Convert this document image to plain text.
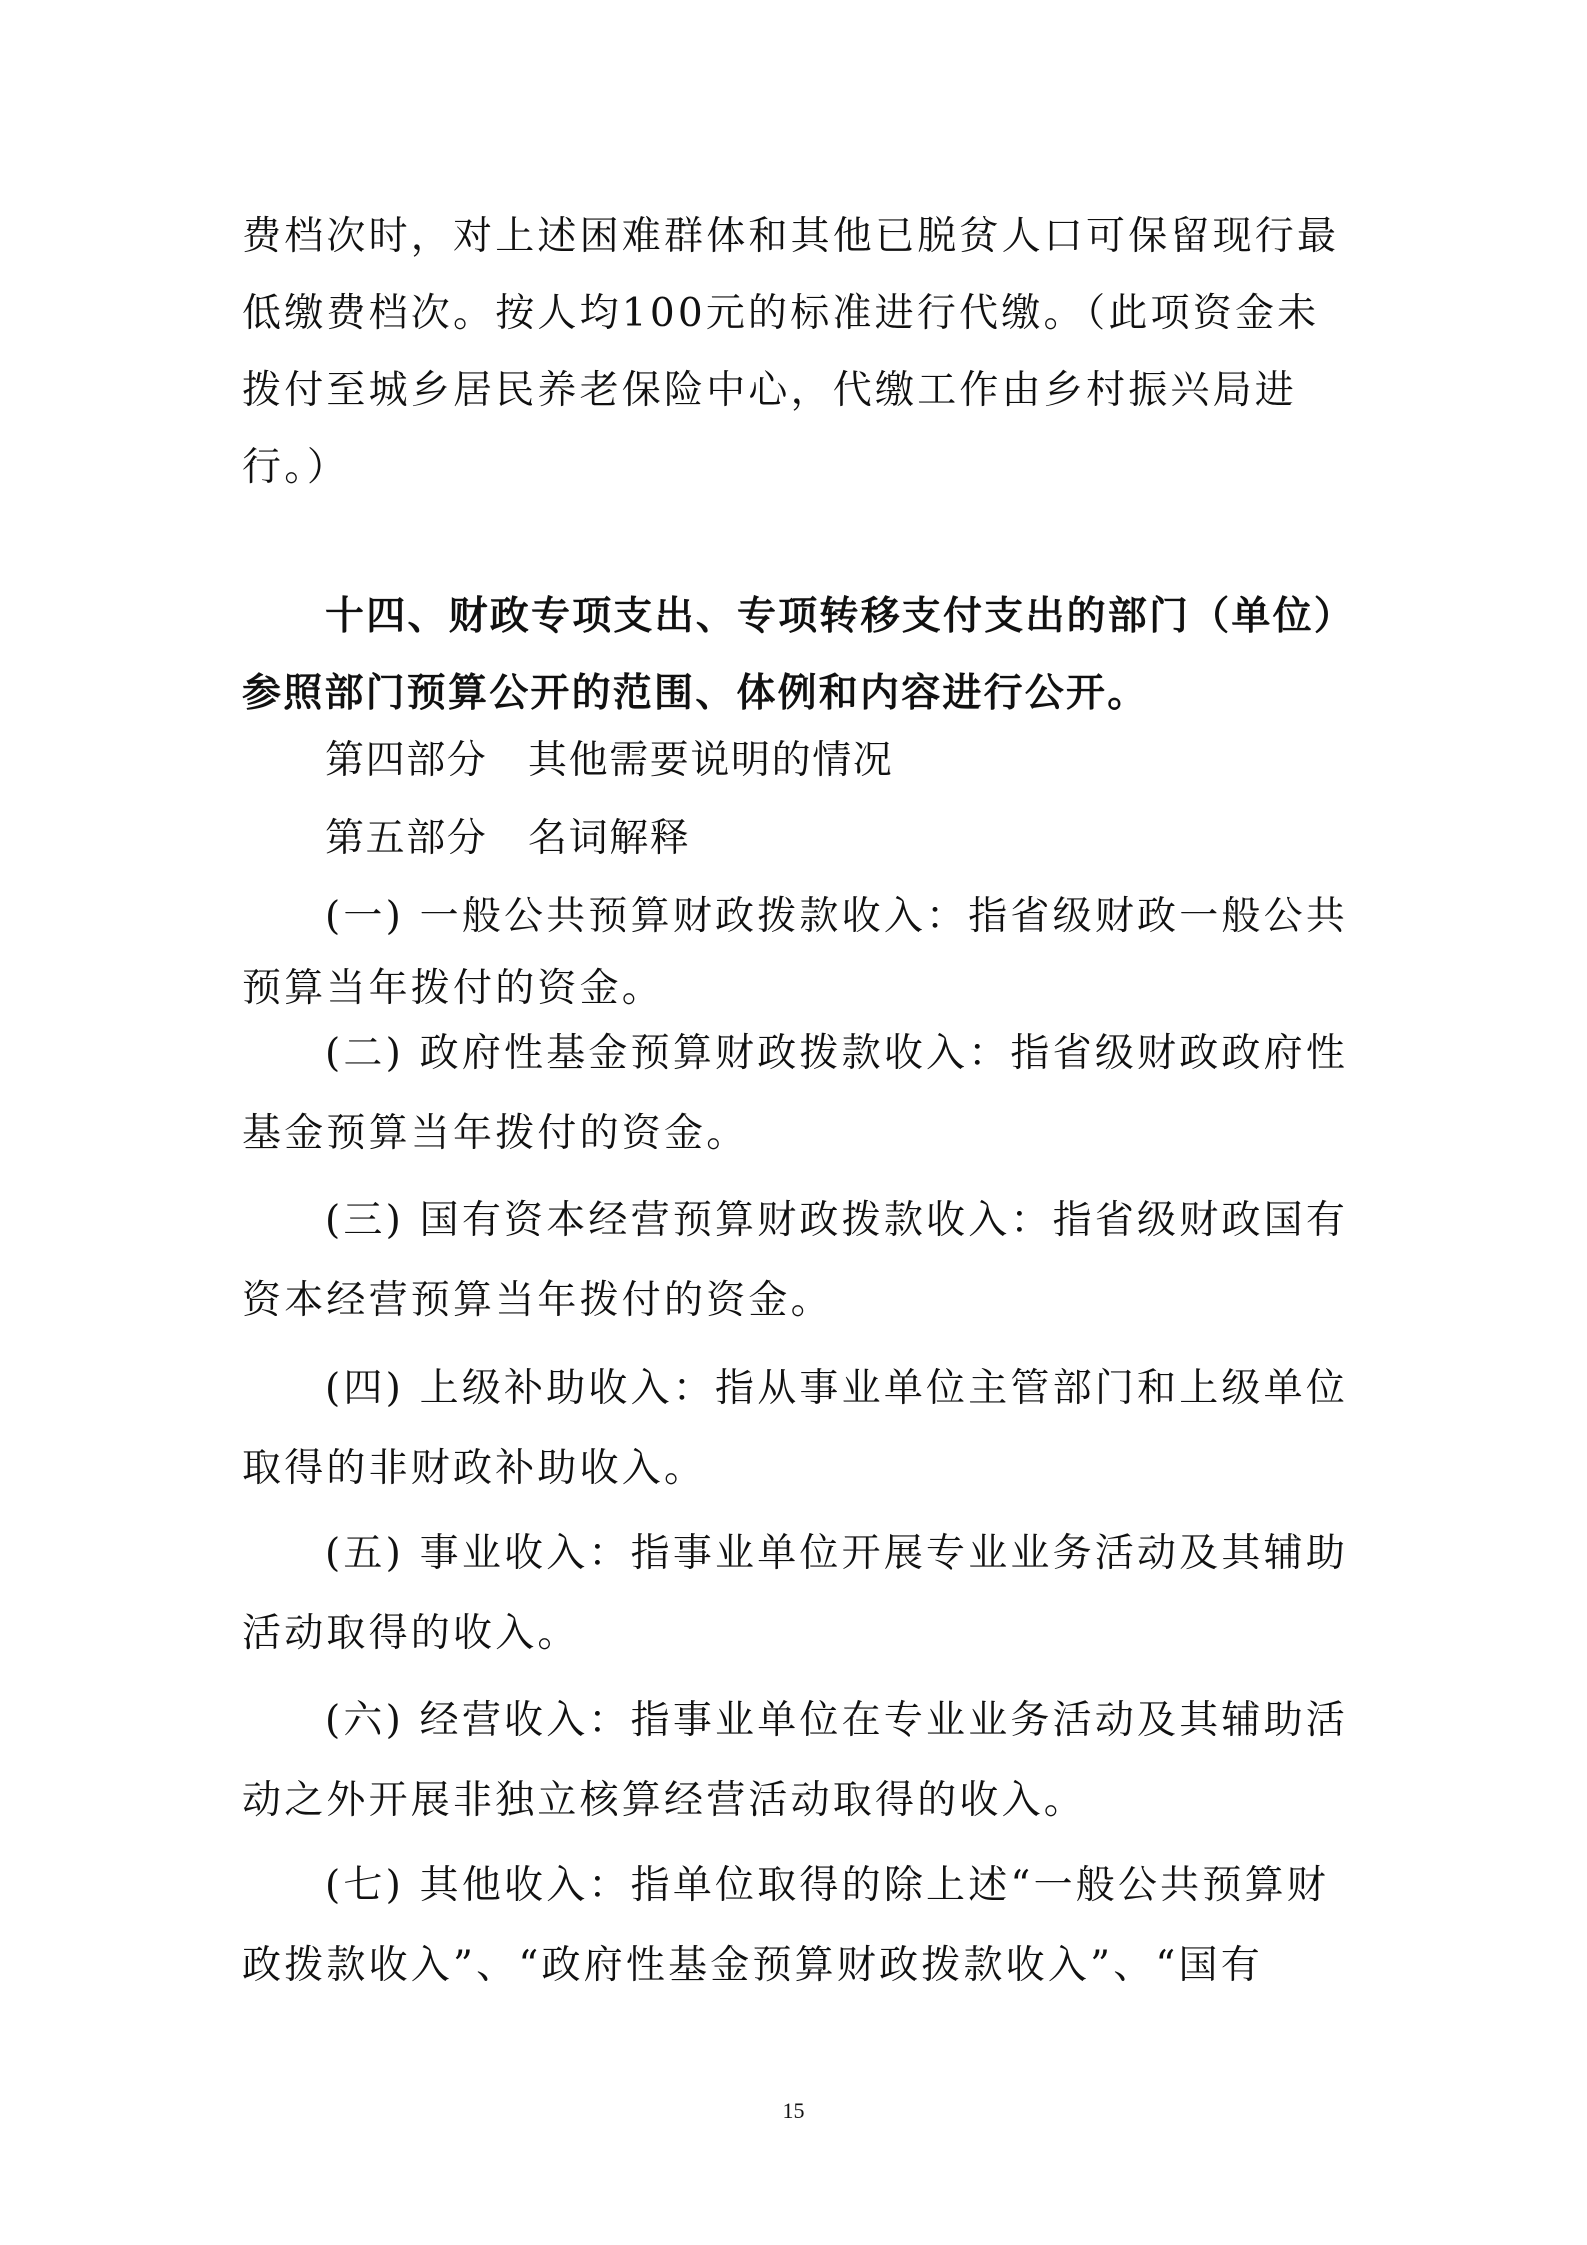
费档次时，对上述困难群体和其他已脱贫人口可保留现行最
低缴费档次。按人均100元的标准进行代缴。（此项资金未
拨付至城乡居民养老保险中心，代缴工作由乡村振兴局进
行。）
十四、财政专项支出、专项转移支付支出的部门（单位）
参照部门预算公开的范围、体例和内容进行公开。
第四部分　其他需要说明的情况
第五部分　名词解释
(一) 一般公共预算财政拨款收入：指省级财政一般公共
预算当年拨付的资金。
(二) 政府性基金预算财政拨款收入：指省级财政政府性
基金预算当年拨付的资金。
(三) 国有资本经营预算财政拨款收入：指省级财政国有
资本经营预算当年拨付的资金。
(四) 上级补助收入：指从事业单位主管部门和上级单位
取得的非财政补助收入。
(五) 事业收入：指事业单位开展专业业务活动及其辅助
活动取得的收入。
(六) 经营收入：指事业单位在专业业务活动及其辅助活
动之外开展非独立核算经营活动取得的收入。
(七) 其他收入：指单位取得的除上述“一般公共预算财
政拨款收入”、“政府性基金预算财政拨款收入”、“国有
15
